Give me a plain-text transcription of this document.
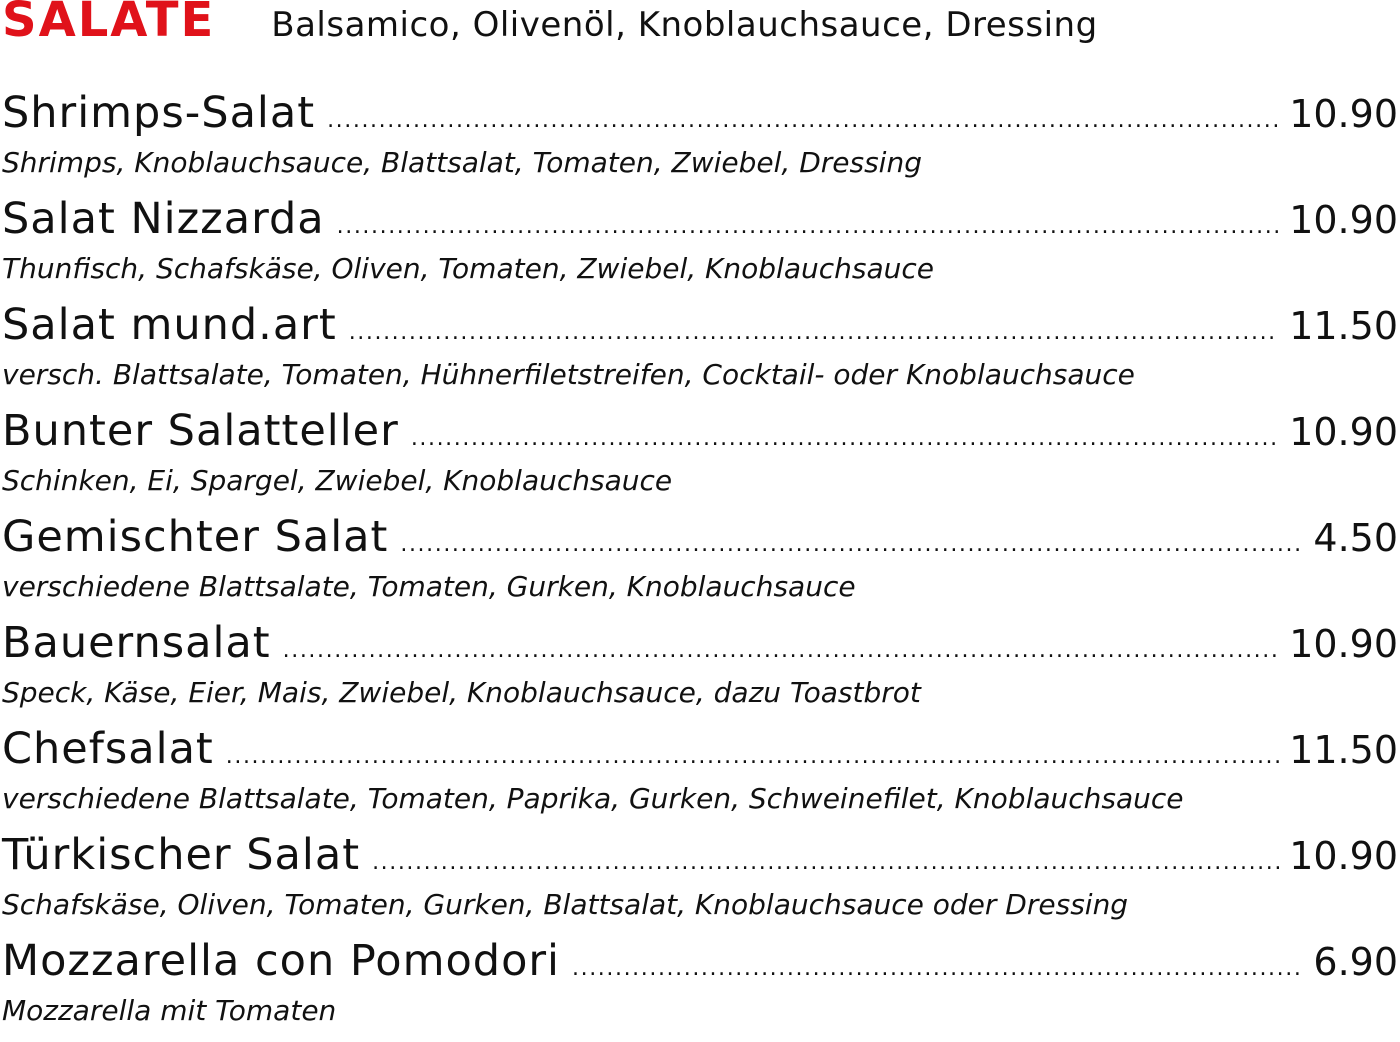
SALATE Balsamico, Olivenöl, Knoblauchsauce, Dressing
Shrimps-Salat .....	10.90
Shrimps, Knoblauchsauce, Blattsalat, Tomaten, Zwiebel, Dressing
Salat Nizzarda .....	10.90
Thunfisch, Schafskäse, Oliven, Tomaten, Zwiebel, Knoblauchsauce
Salat mund.art .....	11.50
versch. Blattsalate, Tomaten, Hühnerfiletstreifen, Cocktail- oder Knoblauchsauce
Bunter Salatteller .....	10.90
Schinken, Ei, Spargel, Zwiebel, Knoblauchsauce
Gemischter Salat .....	4.50
verschiedene Blattsalate, Tomaten, Gurken, Knoblauchsauce
Bauernsalat .....	10.90
Speck, Käse, Eier, Mais, Zwiebel, Knoblauchsauce, dazu Toastbrot
Chefsalat .....	11.50
verschiedene Blattsalate, Tomaten, Paprika, Gurken, Schweinefilet, Knoblauchsauce
Türkischer Salat .....	10.90
Schafskäse, Oliven, Tomaten, Gurken, Blattsalat, Knoblauchsauce oder Dressing
Mozzarella con Pomodori .....	6.90
Mozzarella mit Tomaten
